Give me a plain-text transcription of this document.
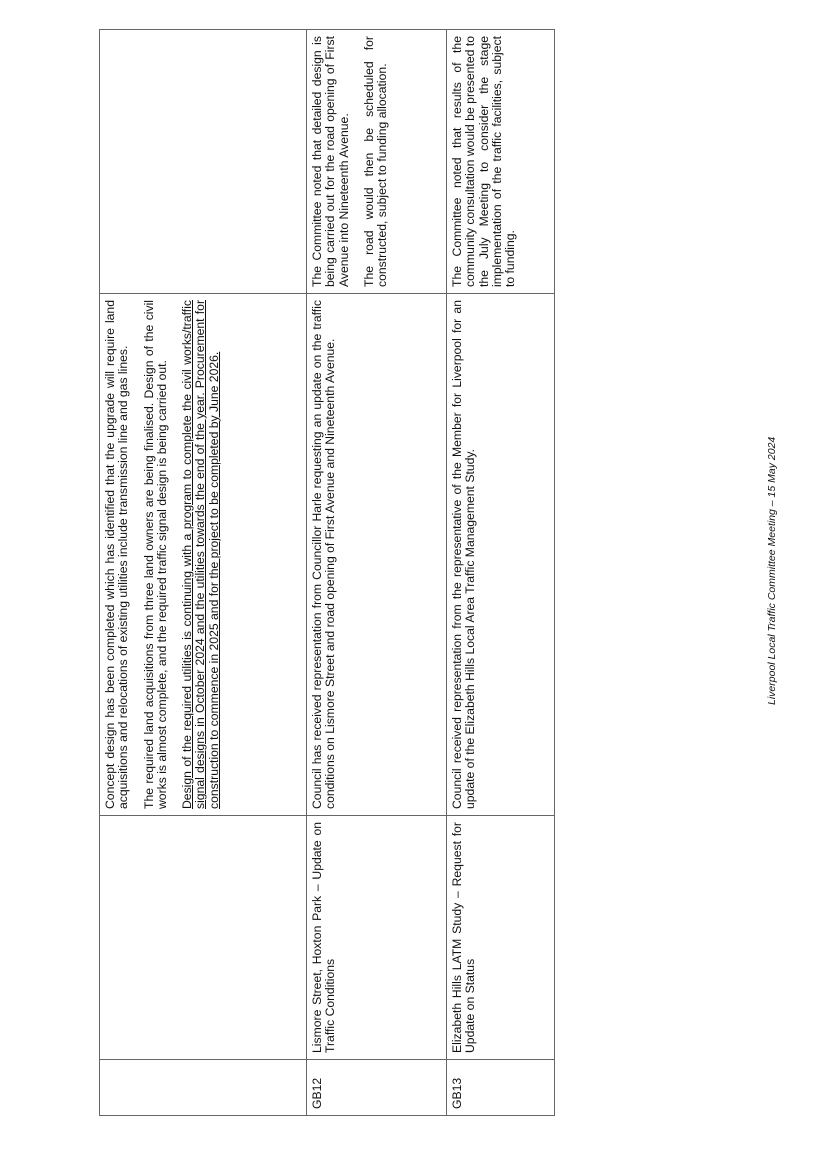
		Concept design has been completed which has identified that the upgrade will require land acquisitions and relocations of existing utilities include transmission line and gas lines. The required land acquisitions from three land owners are being finalised. Design of the civil works is almost complete, and the required traffic signal design is being carried out. Design of the required utilities is continuing with a program to complete the civil works/traffic signal designs in October 2024 and the utilities towards the end of the year. Procurement for construction to commence in 2025 and for the project to be completed by June 2026.	

GB12	Lismore Street, Hoxton Park – Update on Traffic Conditions	Council has received representation from Councillor Harle requesting an update on the traffic conditions on Lismore Street and road opening of First Avenue and Nineteenth Avenue.	The Committee noted that detailed design is being carried out for the road opening of First Avenue into Nineteenth Avenue. The road would then be scheduled for constructed, subject to funding allocation.

GB13	Elizabeth Hills LATM Study – Request for Update on Status	Council received representation from the representative of the Member for Liverpool for an update of the Elizabeth Hills Local Area Traffic Management Study.	The Committee noted that results of the community consultation would be presented to the July Meeting to consider the stage implementation of the traffic facilities, subject to funding.

Liverpool Local Traffic Committee Meeting – 15 May 2024
